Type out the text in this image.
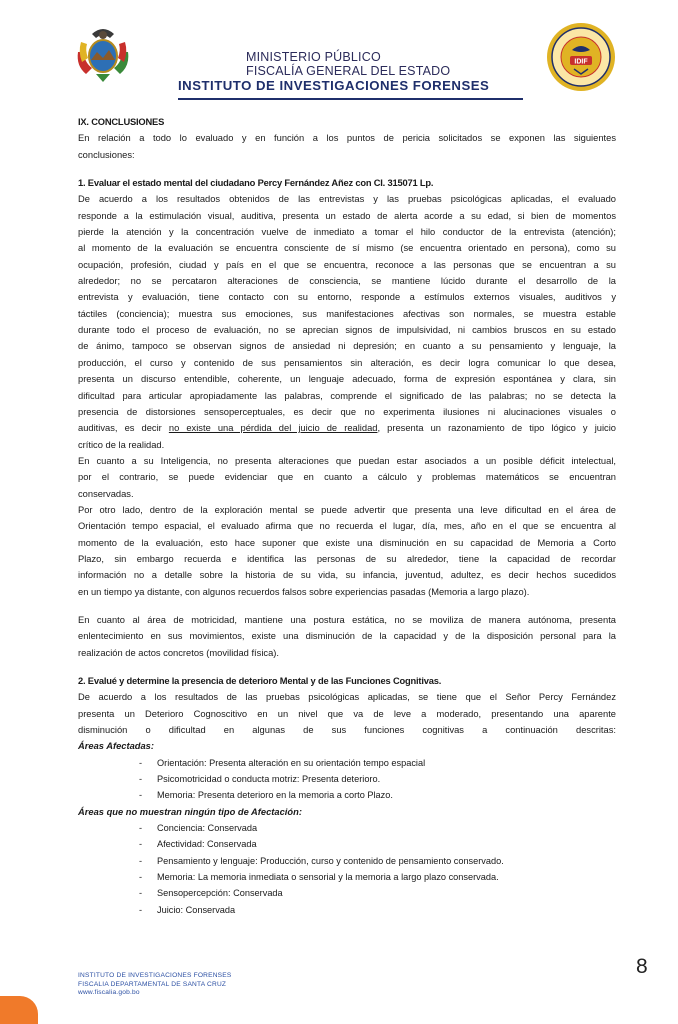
MINISTERIO PÚBLICO
FISCALÍA GENERAL DEL ESTADO
INSTITUTO DE INVESTIGACIONES FORENSES
IDIF
IX. CONCLUSIONES
En relación a todo lo evaluado y en función a los puntos de pericia solicitados se exponen las siguientes
conclusiones:
1. Evaluar el estado mental del ciudadano Percy Fernández Añez con CI. 315071 Lp.
De acuerdo a los resultados obtenidos de las entrevistas y las pruebas psicológicas aplicadas, el evaluado
responde a la estimulación visual, auditiva, presenta un estado de alerta acorde a su edad, si bien de momentos
pierde la atención y la concentración vuelve de inmediato a tomar el hilo conductor de la entrevista (atención);
al momento de la evaluación se encuentra consciente de sí mismo (se encuentra orientado en persona), como su
ocupación, profesión, ciudad y país en el que se encuentra, reconoce a las personas que se encuentran a su
alrededor; no se percataron alteraciones de consciencia, se mantiene lúcido durante el desarrollo de la
entrevista y evaluación, tiene contacto con su entorno, responde a estímulos externos visuales, auditivos y
táctiles (conciencia); muestra sus emociones, sus manifestaciones afectivas son normales, se muestra estable
durante todo el proceso de evaluación, no se aprecian signos de impulsividad, ni cambios bruscos en su estado
de ánimo, tampoco se observan signos de ansiedad ni depresión; en cuanto a su pensamiento y lenguaje, la
producción, el curso y contenido de sus pensamientos sin alteración, es decir logra comunicar lo que desea,
presenta un discurso entendible, coherente, un lenguaje adecuado, forma de expresión espontánea y clara, sin
dificultad para articular apropiadamente las palabras, comprende el significado de las palabras; no se detecta la
presencia de distorsiones sensoperceptuales, es decir que no experimenta ilusiones ni alucinaciones visuales o
auditivas, es decir no existe una pérdida del juicio de realidad, presenta un razonamiento de tipo lógico y juicio
crítico de la realidad.
En cuanto a su Inteligencia, no presenta alteraciones que puedan estar asociados a un posible déficit intelectual,
por el contrario, se puede evidenciar que en cuanto a cálculo y problemas matemáticos se encuentran
conservadas.
Por otro lado, dentro de la exploración mental se puede advertir que presenta una leve dificultad en el área de
Orientación tempo espacial, el evaluado afirma que no recuerda el lugar, día, mes, año en el que se encuentra al
momento de la evaluación, esto hace suponer que existe una disminución en su capacidad de Memoria a Corto
Plazo, sin embargo recuerda e identifica las personas de su alrededor, tiene la capacidad de recordar
información no a detalle sobre la historia de su vida, su infancia, juventud, adultez, es decir hechos sucedidos
en un tiempo ya distante, con algunos recuerdos falsos sobre experiencias pasadas (Memoria a largo plazo).
En cuanto al área de motricidad, mantiene una postura estática, no se moviliza de manera autónoma, presenta
enlentecimiento en sus movimientos, existe una disminución de la capacidad y de la disposición personal para la
realización de actos concretos (movilidad física).
2. Evalué y determine la presencia de deterioro Mental y de las Funciones Cognitivas.
De acuerdo a los resultados de las pruebas psicológicas aplicadas, se tiene que el Señor Percy Fernández
presenta un Deterioro Cognoscitivo en un nivel que va de leve a moderado, presentando una aparente
disminución o dificultad en algunas de sus funciones cognitivas a continuación descritas:
Áreas Afectadas:
- Orientación: Presenta alteración en su orientación tempo espacial
- Psicomotricidad o conducta motriz: Presenta deterioro.
- Memoria: Presenta deterioro en la memoria a corto Plazo.
Áreas que no muestran ningún tipo de Afectación:
- Conciencia: Conservada
- Afectividad: Conservada
- Pensamiento y lenguaje: Producción, curso y contenido de pensamiento conservado.
- Memoria: La memoria inmediata o sensorial y la memoria a largo plazo conservada.
- Sensopercepción: Conservada
- Juicio: Conservada
INSTITUTO DE INVESTIGACIONES FORENSES
FISCALIA DEPARTAMENTAL DE SANTA CRUZ
www.fiscalia.gob.bo
8
